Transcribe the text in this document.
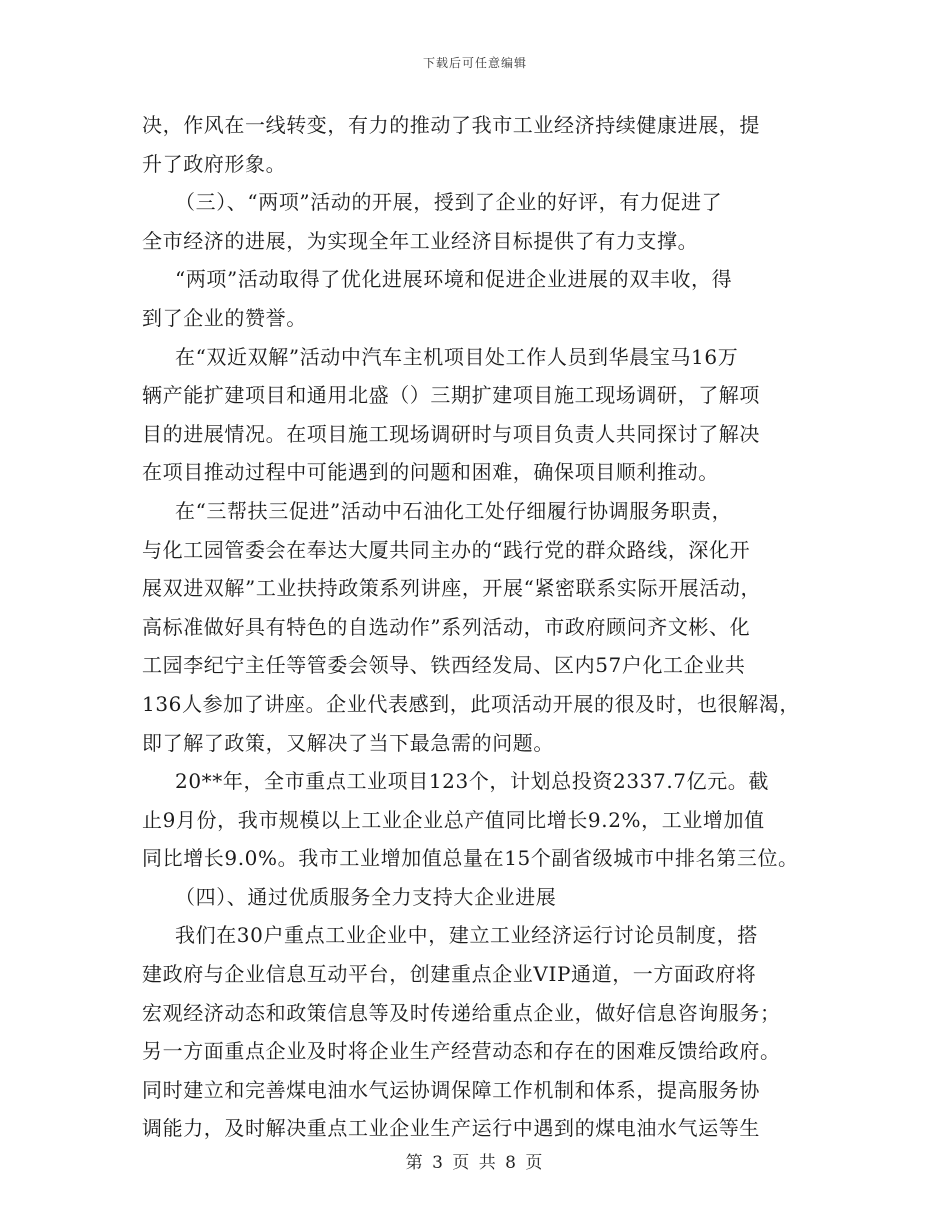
下载后可任意编辑
决，作风在一线转变，有力的推动了我市工业经济持续健康进展，提
升了政府形象。
（三）、“两项”活动的开展，授到了企业的好评，有力促进了
全市经济的进展，为实现全年工业经济目标提供了有力支撑。
“两项”活动取得了优化进展环境和促进企业进展的双丰收，得
到了企业的赞誉。
在“双近双解”活动中汽车主机项目处工作人员到华晨宝马16万
辆产能扩建项目和通用北盛（）三期扩建项目施工现场调研，了解项
目的进展情况。在项目施工现场调研时与项目负责人共同探讨了解决
在项目推动过程中可能遇到的问题和困难，确保项目顺利推动。
在“三帮扶三促进”活动中石油化工处仔细履行协调服务职责，
与化工园管委会在奉达大厦共同主办的“践行党的群众路线，深化开
展双进双解”工业扶持政策系列讲座，开展“紧密联系实际开展活动，
高标准做好具有特色的自选动作”系列活动，市政府顾问齐文彬、化
工园李纪宁主任等管委会领导、铁西经发局、区内57户化工企业共
136人参加了讲座。企业代表感到，此项活动开展的很及时，也很解渴，
即了解了政策，又解决了当下最急需的问题。
20**年，全市重点工业项目123个，计划总投资2337.7亿元。截
止9月份，我市规模以上工业企业总产值同比增长9.2%，工业增加值
同比增长9.0%。我市工业增加值总量在15个副省级城市中排名第三位。
（四）、通过优质服务全力支持大企业进展
我们在30户重点工业企业中，建立工业经济运行讨论员制度，搭
建政府与企业信息互动平台，创建重点企业VIP通道，一方面政府将
宏观经济动态和政策信息等及时传递给重点企业，做好信息咨询服务；
另一方面重点企业及时将企业生产经营动态和存在的困难反馈给政府。
同时建立和完善煤电油水气运协调保障工作机制和体系，提高服务协
调能力，及时解决重点工业企业生产运行中遇到的煤电油水气运等生
第 3 页 共 8 页
